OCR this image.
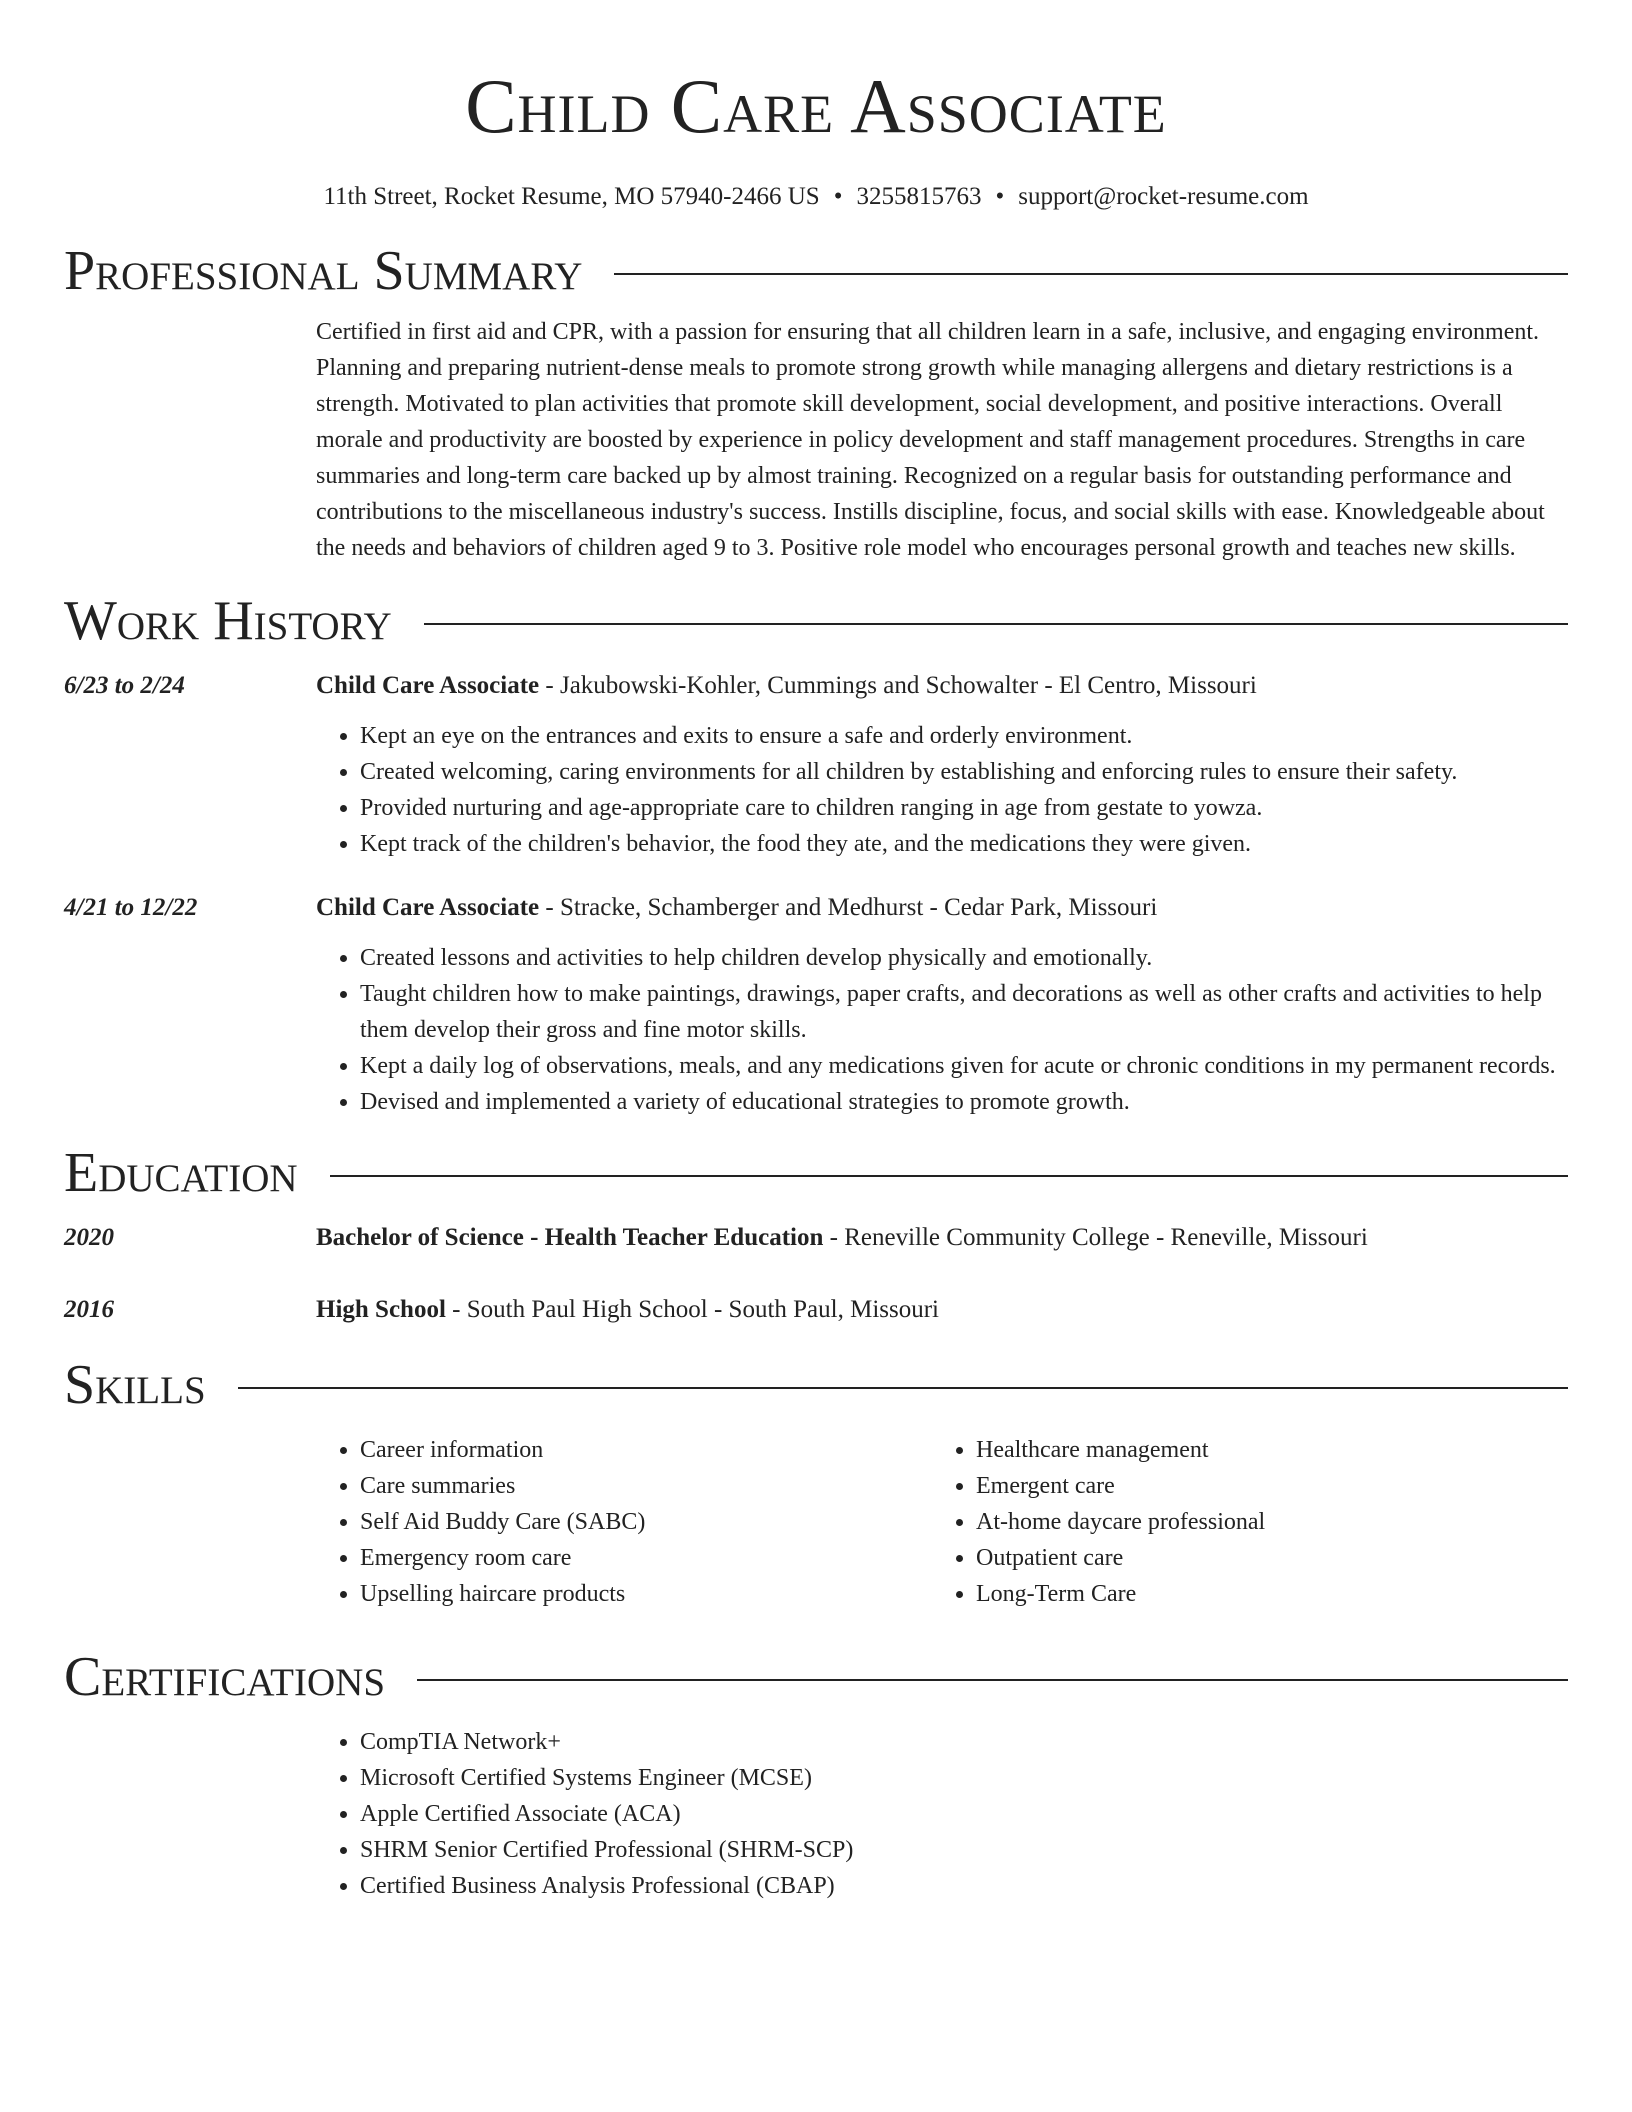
Child Care Associate
11th Street, Rocket Resume, MO 57940-2466 US • 3255815763 • support@rocket-resume.com
Professional Summary

Certified in first aid and CPR, with a passion for ensuring that all children learn in a safe, inclusive, and engaging environment. Planning and preparing nutrient-dense meals to promote strong growth while managing allergens and dietary restrictions is a strength. Motivated to plan activities that promote skill development, social development, and positive interactions. Overall morale and productivity are boosted by experience in policy development and staff management procedures. Strengths in care summaries and long-term care backed up by almost training. Recognized on a regular basis for outstanding performance and contributions to the miscellaneous industry's success. Instills discipline, focus, and social skills with ease. Knowledgeable about the needs and behaviors of children aged 9 to 3. Positive role model who encourages personal growth and teaches new skills.

Work History
6/23 to 2/24	Child Care Associate - Jakubowski-Kohler, Cummings and Schowalter - El Centro, Missouri
• Kept an eye on the entrances and exits to ensure a safe and orderly environment.
• Created welcoming, caring environments for all children by establishing and enforcing rules to ensure their safety.
• Provided nurturing and age-appropriate care to children ranging in age from gestate to yowza.
• Kept track of the children's behavior, the food they ate, and the medications they were given.
4/21 to 12/22	Child Care Associate - Stracke, Schamberger and Medhurst - Cedar Park, Missouri
• Created lessons and activities to help children develop physically and emotionally.
• Taught children how to make paintings, drawings, paper crafts, and decorations as well as other crafts and activities to help them develop their gross and fine motor skills.
• Kept a daily log of observations, meals, and any medications given for acute or chronic conditions in my permanent records.
• Devised and implemented a variety of educational strategies to promote growth.
Education
2020	Bachelor of Science - Health Teacher Education - Reneville Community College - Reneville, Missouri
2016	High School - South Paul High School - South Paul, Missouri
Skills
• Career information
• Care summaries
• Self Aid Buddy Care (SABC)
• Emergency room care
• Upselling haircare products
• Healthcare management
• Emergent care
• At-home daycare professional
• Outpatient care
• Long-Term Care
Certifications
• CompTIA Network+
• Microsoft Certified Systems Engineer (MCSE)
• Apple Certified Associate (ACA)
• SHRM Senior Certified Professional (SHRM-SCP)
• Certified Business Analysis Professional (CBAP)
